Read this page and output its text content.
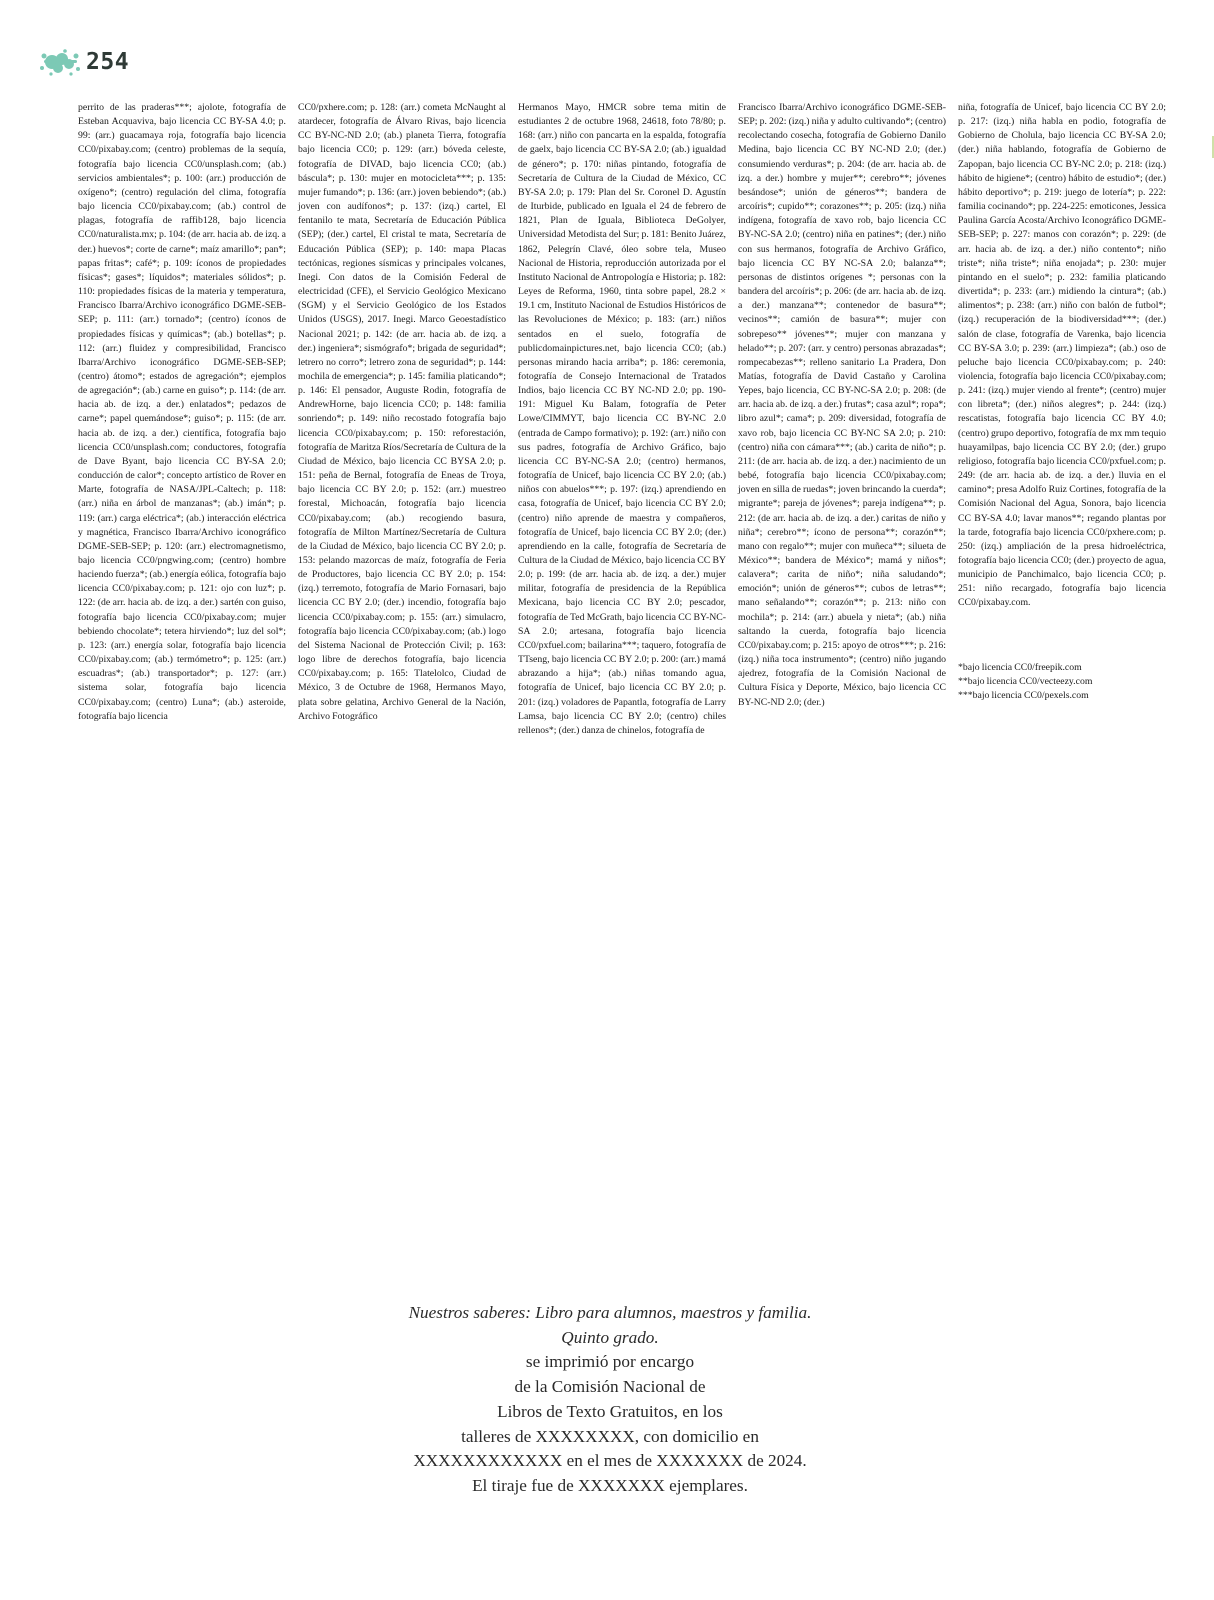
254

perrito de las praderas***; ajolote, fotografía de Esteban Acquaviva, bajo licencia CC BY-SA 4.0; p. 99: (arr.) guacamaya roja, fotografía bajo licencia CC0/pixabay.com; (centro) problemas de la sequía, fotografía bajo licencia CC0/unsplash.com; (ab.) servicios ambientales*; p. 100: (arr.) producción de oxígeno*; (centro) regulación del clima, fotografía bajo licencia CC0/pixabay.com; (ab.) control de plagas, fotografía de raffib128, bajo licencia CC0/naturalista.mx; p. 104: (de arr. hacia ab. de izq. a der.) huevos*; corte de carne*; maíz amarillo*; pan*; papas fritas*; café*; p. 109: íconos de propiedades físicas*; gases*; líquidos*; materiales sólidos*; p. 110: propiedades físicas de la materia y temperatura, Francisco Ibarra/Archivo iconográfico DGME-SEB-SEP; p. 111: (arr.) tornado*; (centro) íconos de propiedades físicas y químicas*; (ab.) botellas*; p. 112: (arr.) fluidez y compresibilidad, Francisco Ibarra/Archivo iconográfico DGME-SEB-SEP; (centro) átomo*; estados de agregación*; ejemplos de agregación*; (ab.) carne en guiso*; p. 114: (de arr. hacia ab. de izq. a der.) enlatados*; pedazos de carne*; papel quemándose*; guiso*; p. 115: (de arr. hacia ab. de izq. a der.) científica, fotografía bajo licencia CC0/unsplash.com; conductores, fotografía de Dave Byant, bajo licencia CC BY-SA 2.0; conducción de calor*; concepto artístico de Rover en Marte, fotografía de NASA/JPL-Caltech; p. 118: (arr.) niña en árbol de manzanas*; (ab.) imán*; p. 119: (arr.) carga eléctrica*; (ab.) interacción eléctrica y magnética, Francisco Ibarra/Archivo iconográfico DGME-SEB-SEP; p. 120: (arr.) electromagnetismo, bajo licencia CC0/pngwing.com; (centro) hombre haciendo fuerza*; (ab.) energía eólica, fotografía bajo licencia CC0/pixabay.com; p. 121: ojo con luz*; p. 122: (de arr. hacia ab. de izq. a der.) sartén con guiso, fotografía bajo licencia CC0/pixabay.com; mujer bebiendo chocolate*; tetera hirviendo*; luz del sol*; p. 123: (arr.) energía solar, fotografía bajo licencia CC0/pixabay.com; (ab.) termómetro*; p. 125: (arr.) escuadras*; (ab.) transportador*; p. 127: (arr.) sistema solar, fotografía bajo licencia CC0/pixabay.com; (centro) Luna*; (ab.) asteroide, fotografía bajo licencia

CC0/pxhere.com; p. 128: (arr.) cometa McNaught al atardecer, fotografía de Álvaro Rivas, bajo licencia CC BY-NC-ND 2.0; (ab.) planeta Tierra, fotografía bajo licencia CC0; p. 129: (arr.) bóveda celeste, fotografía de DIVAD, bajo licencia CC0; (ab.) báscula*; p. 130: mujer en motocicleta***; p. 135: mujer fumando*; p. 136: (arr.) joven bebiendo*; (ab.) joven con audífonos*; p. 137: (izq.) cartel, El fentanilo te mata, Secretaría de Educación Pública (SEP); (der.) cartel, El cristal te mata, Secretaría de Educación Pública (SEP); p. 140: mapa Placas tectónicas, regiones sísmicas y principales volcanes, Inegi. Con datos de la Comisión Federal de electricidad (CFE), el Servicio Geológico Mexicano (SGM) y el Servicio Geológico de los Estados Unidos (USGS), 2017. Inegi. Marco Geoestadístico Nacional 2021; p. 142: (de arr. hacia ab. de izq. a der.) ingeniera*; sismógrafo*; brigada de seguridad*; letrero no corro*; letrero zona de seguridad*; p. 144: mochila de emergencia*; p. 145: familia platicando*; p. 146: El pensador, Auguste Rodin, fotografía de AndrewHorne, bajo licencia CC0; p. 148: familia sonriendo*; p. 149: niño recostado fotografía bajo licencia CC0/pixabay.com; p. 150: reforestación, fotografía de Maritza Ríos/Secretaría de Cultura de la Ciudad de México, bajo licencia CC BYSA 2.0; p. 151: peña de Bernal, fotografía de Eneas de Troya, bajo licencia CC BY 2.0; p. 152: (arr.) muestreo forestal, Michoacán, fotografía bajo licencia CC0/pixabay.com; (ab.) recogiendo basura, fotografía de Milton Martínez/Secretaría de Cultura de la Ciudad de México, bajo licencia CC BY 2.0; p. 153: pelando mazorcas de maíz, fotografía de Feria de Productores, bajo licencia CC BY 2.0; p. 154: (izq.) terremoto, fotografía de Mario Fornasari, bajo licencia CC BY 2.0; (der.) incendio, fotografía bajo licencia CC0/pixabay.com; p. 155: (arr.) simulacro, fotografía bajo licencia CC0/pixabay.com; (ab.) logo del Sistema Nacional de Protección Civil; p. 163: logo libre de derechos fotografía, bajo licencia CC0/pixabay.com; p. 165: Tlatelolco, Ciudad de México, 3 de Octubre de 1968, Hermanos Mayo, plata sobre gelatina, Archivo General de la Nación, Archivo Fotográfico

Hermanos Mayo, HMCR sobre tema mitin de estudiantes 2 de octubre 1968, 24618, foto 78/80; p. 168: (arr.) niño con pancarta en la espalda, fotografía de gaelx, bajo licencia CC BY-SA 2.0; (ab.) igualdad de género*; p. 170: niñas pintando, fotografía de Secretaría de Cultura de la Ciudad de México, CC BY-SA 2.0; p. 179: Plan del Sr. Coronel D. Agustín de Iturbide, publicado en Iguala el 24 de febrero de 1821, Plan de Iguala, Biblioteca DeGolyer, Universidad Metodista del Sur; p. 181: Benito Juárez, 1862, Pelegrín Clavé, óleo sobre tela, Museo Nacional de Historia, reproducción autorizada por el Instituto Nacional de Antropología e Historia; p. 182: Leyes de Reforma, 1960, tinta sobre papel, 28.2 × 19.1 cm, Instituto Nacional de Estudios Históricos de las Revoluciones de México; p. 183: (arr.) niños sentados en el suelo, fotografía de publicdomainpictures.net, bajo licencia CC0; (ab.) personas mirando hacia arriba*; p. 186: ceremonia, fotografía de Consejo Internacional de Tratados Indios, bajo licencia CC BY NC-ND 2.0; pp. 190-191: Miguel Ku Balam, fotografía de Peter Lowe/CIMMYT, bajo licencia CC BY-NC 2.0 (entrada de Campo formativo); p. 192: (arr.) niño con sus padres, fotografía de Archivo Gráfico, bajo licencia CC BY-NC-SA 2.0; (centro) hermanos, fotografía de Unicef, bajo licencia CC BY 2.0; (ab.) niños con abuelos***; p. 197: (izq.) aprendiendo en casa, fotografía de Unicef, bajo licencia CC BY 2.0; (centro) niño aprende de maestra y compañeros, fotografía de Unicef, bajo licencia CC BY 2.0; (der.) aprendiendo en la calle, fotografía de Secretaría de Cultura de la Ciudad de México, bajo licencia CC BY 2.0; p. 199: (de arr. hacia ab. de izq. a der.) mujer militar, fotografía de presidencia de la República Mexicana, bajo licencia CC BY 2.0; pescador, fotografía de Ted McGrath, bajo licencia CC BY-NC-SA 2.0; artesana, fotografía bajo licencia CC0/pxfuel.com; bailarina***; taquero, fotografía de TTseng, bajo licencia CC BY 2.0; p. 200: (arr.) mamá abrazando a hija*; (ab.) niñas tomando agua, fotografía de Unicef, bajo licencia CC BY 2.0; p. 201: (izq.) voladores de Papantla, fotografía de Larry Lamsa, bajo licencia CC BY 2.0; (centro) chiles rellenos*; (der.) danza de chinelos, fotografía de

Francisco Ibarra/Archivo iconográfico DGME-SEB-SEP; p. 202: (izq.) niña y adulto cultivando*; (centro) recolectando cosecha, fotografía de Gobierno Danilo Medina, bajo licencia CC BY NC-ND 2.0; (der.) consumiendo verduras*; p. 204: (de arr. hacia ab. de izq. a der.) hombre y mujer**; cerebro**; jóvenes besándose*; unión de géneros**; bandera de arcoíris*; cupido**; corazones**; p. 205: (izq.) niña indígena, fotografía de xavo rob, bajo licencia CC BY-NC-SA 2.0; (centro) niña en patines*; (der.) niño con sus hermanos, fotografía de Archivo Gráfico, bajo licencia CC BY NC-SA 2.0; balanza**; personas de distintos orígenes *; personas con la bandera del arcoíris*; p. 206: (de arr. hacia ab. de izq. a der.) manzana**; contenedor de basura**; vecinos**; camión de basura**; mujer con sobrepeso** jóvenes**; mujer con manzana y helado**; p. 207: (arr. y centro) personas abrazadas*; rompecabezas**; relleno sanitario La Pradera, Don Matías, fotografía de David Castaño y Carolina Yepes, bajo licencia, CC BY-NC-SA 2.0; p. 208: (de arr. hacia ab. de izq. a der.) frutas*; casa azul*; ropa*; libro azul*; cama*; p. 209: diversidad, fotografía de xavo rob, bajo licencia CC BY-NC SA 2.0; p. 210: (centro) niña con cámara***; (ab.) carita de niño*; p. 211: (de arr. hacia ab. de izq. a der.) nacimiento de un bebé, fotografía bajo licencia CC0/pixabay.com; joven en silla de ruedas*; joven brincando la cuerda*; migrante*; pareja de jóvenes*; pareja indígena**; p. 212: (de arr. hacia ab. de izq. a der.) caritas de niño y niña*; cerebro**; ícono de persona**; corazón**; mano con regalo**; mujer con muñeca**; silueta de México**; bandera de México*; mamá y niños*; calavera*; carita de niño*; niña saludando*; emoción*; unión de géneros**; cubos de letras**; mano señalando**; corazón**; p. 213: niño con mochila*; p. 214: (arr.) abuela y nieta*; (ab.) niña saltando la cuerda, fotografía bajo licencia CC0/pixabay.com; p. 215: apoyo de otros***; p. 216: (izq.) niña toca instrumento*; (centro) niño jugando ajedrez, fotografía de la Comisión Nacional de Cultura Física y Deporte, México, bajo licencia CC BY-NC-ND 2.0; (der.)

niña, fotografía de Unicef, bajo licencia CC BY 2.0; p. 217: (izq.) niña habla en podio, fotografía de Gobierno de Cholula, bajo licencia CC BY-SA 2.0; (der.) niña hablando, fotografía de Gobierno de Zapopan, bajo licencia CC BY-NC 2.0; p. 218: (izq.) hábito de higiene*; (centro) hábito de estudio*; (der.) hábito deportivo*; p. 219: juego de lotería*; p. 222: familia cocinando*; pp. 224-225: emoticones, Jessica Paulina García Acosta/Archivo Iconográfico DGME-SEB-SEP; p. 227: manos con corazón*; p. 229: (de arr. hacia ab. de izq. a der.) niño contento*; niño triste*; niña triste*; niña enojada*; p. 230: mujer pintando en el suelo*; p. 232: familia platicando divertida*; p. 233: (arr.) midiendo la cintura*; (ab.) alimentos*; p. 238: (arr.) niño con balón de futbol*; (izq.) recuperación de la biodiversidad***; (der.) salón de clase, fotografía de Varenka, bajo licencia CC BY-SA 3.0; p. 239: (arr.) limpieza*; (ab.) oso de peluche bajo licencia CC0/pixabay.com; p. 240: violencia, fotografía bajo licencia CC0/pixabay.com; p. 241: (izq.) mujer viendo al frente*; (centro) mujer con libreta*; (der.) niños alegres*; p. 244: (izq.) rescatistas, fotografía bajo licencia CC BY 4.0; (centro) grupo deportivo, fotografía de mx mm tequio huayamilpas, bajo licencia CC BY 2.0; (der.) grupo religioso, fotografía bajo licencia CC0/pxfuel.com; p. 249: (de arr. hacia ab. de izq. a der.) lluvia en el camino*; presa Adolfo Ruiz Cortines, fotografía de la Comisión Nacional del Agua, Sonora, bajo licencia CC BY-SA 4.0; lavar manos**; regando plantas por la tarde, fotografía bajo licencia CC0/pxhere.com; p. 250: (izq.) ampliación de la presa hidroeléctrica, fotografía bajo licencia CC0; (der.) proyecto de agua, municipio de Panchimalco, bajo licencia CC0; p. 251: niño recargado, fotografía bajo licencia CC0/pixabay.com.

*bajo licencia CC0/freepik.com

**bajo licencia CC0/vecteezy.com

***bajo licencia CC0/pexels.com

Nuestros saberes: Libro para alumnos, maestros y familia.
Quinto grado.
se imprimió por encargo
de la Comisión Nacional de
Libros de Texto Gratuitos, en los
talleres de XXXXXXXX, con domicilio en
XXXXXXXXXXXX en el mes de XXXXXXX de 2024.
El tiraje fue de XXXXXXX ejemplares.
